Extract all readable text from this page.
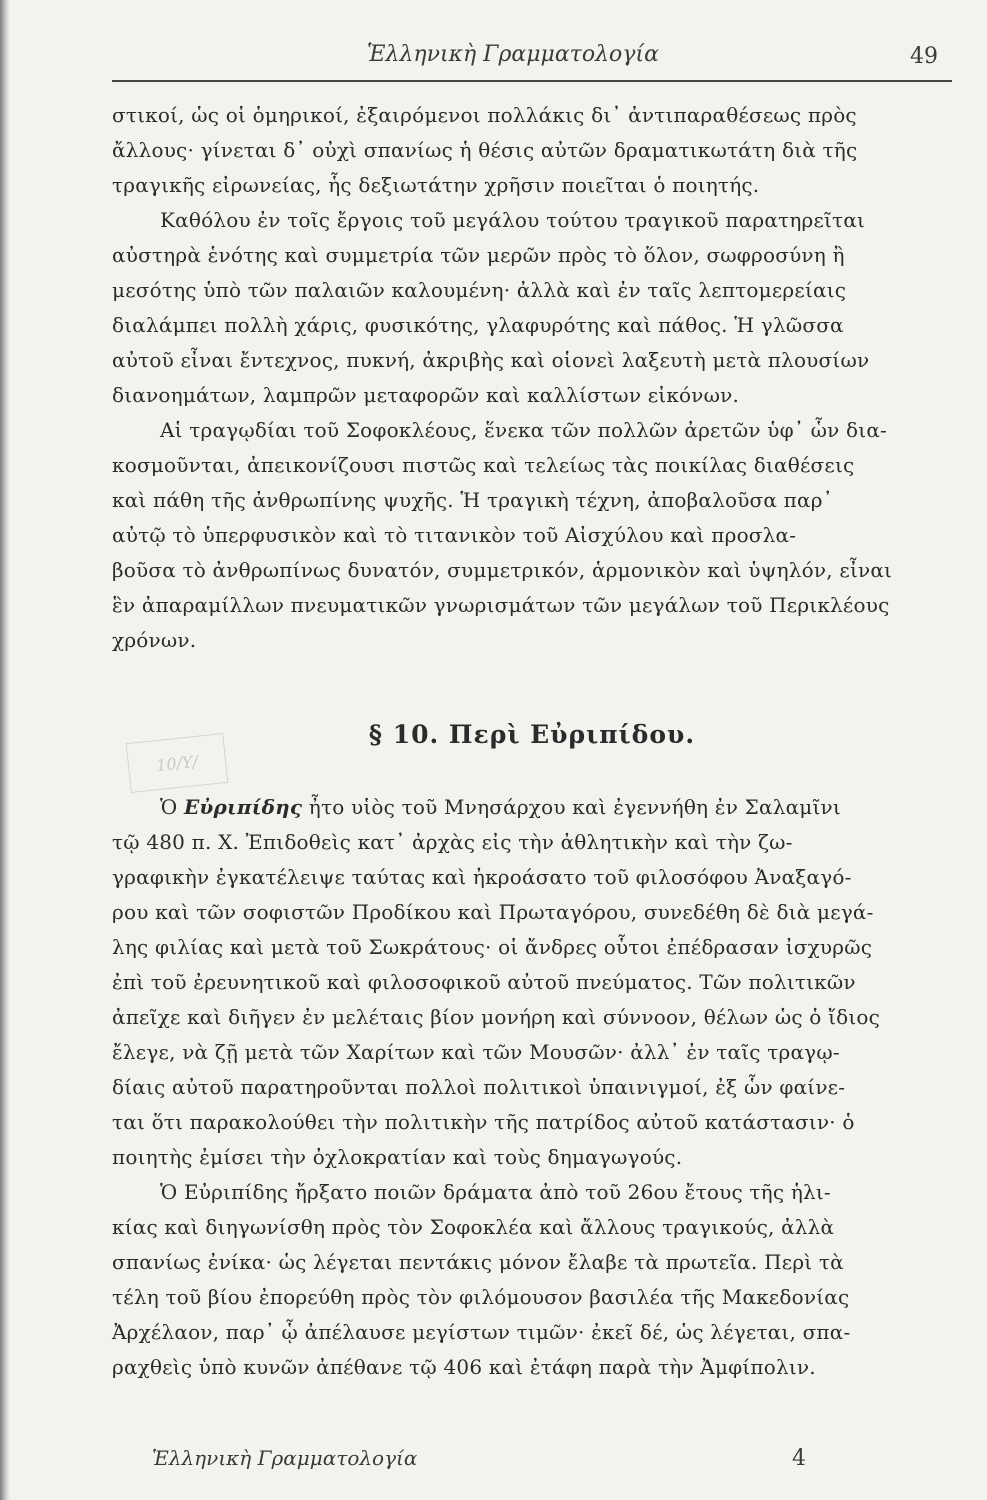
Ἑλληνικὴ Γραμματολογία	49
στικοί, ὡς οἱ ὁμηρικοί, ἐξαιρόμενοι πολλάκις δι᾽ ἀντιπαραθέσεως πρὸς
ἄλλους· γίνεται δ᾽ οὐχὶ σπανίως ἡ θέσις αὐτῶν δραματικωτάτη διὰ τῆς
τραγικῆς εἰρωνείας, ἧς δεξιωτάτην χρῆσιν ποιεῖται ὁ ποιητής.
Καθόλου ἐν τοῖς ἔργοις τοῦ μεγάλου τούτου τραγικοῦ παρατηρεῖται
αὐστηρὰ ἑνότης καὶ συμμετρία τῶν μερῶν πρὸς τὸ ὅλον, σωφροσύνη ἢ
μεσότης ὑπὸ τῶν παλαιῶν καλουμένη· ἀλλὰ καὶ ἐν ταῖς λεπτομερείαις
διαλάμπει πολλὴ χάρις, φυσικότης, γλαφυρότης καὶ πάθος. Ἡ γλῶσσα
αὐτοῦ εἶναι ἔντεχνος, πυκνή, ἀκριβὴς καὶ οἱονεὶ λαξευτὴ μετὰ πλουσίων
διανοημάτων, λαμπρῶν μεταφορῶν καὶ καλλίστων εἰκόνων.
Αἱ τραγῳδίαι τοῦ Σοφοκλέους, ἕνεκα τῶν πολλῶν ἀρετῶν ὑφ᾽ ὧν δια-
κοσμοῦνται, ἀπεικονίζουσι πιστῶς καὶ τελείως τὰς ποικίλας διαθέσεις
καὶ πάθη τῆς ἀνθρωπίνης ψυχῆς. Ἡ τραγικὴ τέχνη, ἀποβαλοῦσα παρ᾽
αὐτῷ τὸ ὑπερφυσικὸν καὶ τὸ τιτανικὸν τοῦ Αἰσχύλου καὶ προσλα-
βοῦσα τὸ ἀνθρωπίνως δυνατόν, συμμετρικόν, ἁρμονικὸν καὶ ὑψηλόν, εἶναι
ἓν ἀπαραμίλλων πνευματικῶν γνωρισμάτων τῶν μεγάλων τοῦ Περικλέους
χρόνων.
10/Y/
§ 10. Περὶ Εὐριπίδου.
Ὁ Εὐριπίδης ἦτο υἱὸς τοῦ Μνησάρχου καὶ ἐγεννήθη ἐν Σαλαμῖνι
τῷ 480 π. Χ. Ἐπιδοθεὶς κατ᾽ ἀρχὰς εἰς τὴν ἀθλητικὴν καὶ τὴν ζω-
γραφικὴν ἐγκατέλειψε ταύτας καὶ ἠκροάσατο τοῦ φιλοσόφου Ἀναξαγό-
ρου καὶ τῶν σοφιστῶν Προδίκου καὶ Πρωταγόρου, συνεδέθη δὲ διὰ μεγά-
λης φιλίας καὶ μετὰ τοῦ Σωκράτους· οἱ ἄνδρες οὗτοι ἐπέδρασαν ἰσχυρῶς
ἐπὶ τοῦ ἐρευνητικοῦ καὶ φιλοσοφικοῦ αὐτοῦ πνεύματος. Τῶν πολιτικῶν
ἀπεῖχε καὶ διῆγεν ἐν μελέταις βίον μονήρη καὶ σύννοον, θέλων ὡς ὁ ἴδιος
ἔλεγε, νὰ ζῇ μετὰ τῶν Χαρίτων καὶ τῶν Μουσῶν· ἀλλ᾽ ἐν ταῖς τραγῳ-
δίαις αὐτοῦ παρατηροῦνται πολλοὶ πολιτικοὶ ὑπαινιγμοί, ἐξ ὧν φαίνε-
ται ὅτι παρακολούθει τὴν πολιτικὴν τῆς πατρίδος αὐτοῦ κατάστασιν· ὁ
ποιητὴς ἐμίσει τὴν ὀχλοκρατίαν καὶ τοὺς δημαγωγούς.
Ὁ Εὐριπίδης ἤρξατο ποιῶν δράματα ἀπὸ τοῦ 26ου ἔτους τῆς ἡλι-
κίας καὶ διηγωνίσθη πρὸς τὸν Σοφοκλέα καὶ ἄλλους τραγικούς, ἀλλὰ
σπανίως ἐνίκα· ὡς λέγεται πεντάκις μόνον ἔλαβε τὰ πρωτεῖα. Περὶ τὰ
τέλη τοῦ βίου ἐπορεύθη πρὸς τὸν φιλόμουσον βασιλέα τῆς Μακεδονίας
Ἀρχέλαον, παρ᾽ ᾧ ἀπέλαυσε μεγίστων τιμῶν· ἐκεῖ δέ, ὡς λέγεται, σπα-
ραχθεὶς ὑπὸ κυνῶν ἀπέθανε τῷ 406 καὶ ἐτάφη παρὰ τὴν Ἀμφίπολιν.
Ἑλληνικὴ Γραμματολογία	4
